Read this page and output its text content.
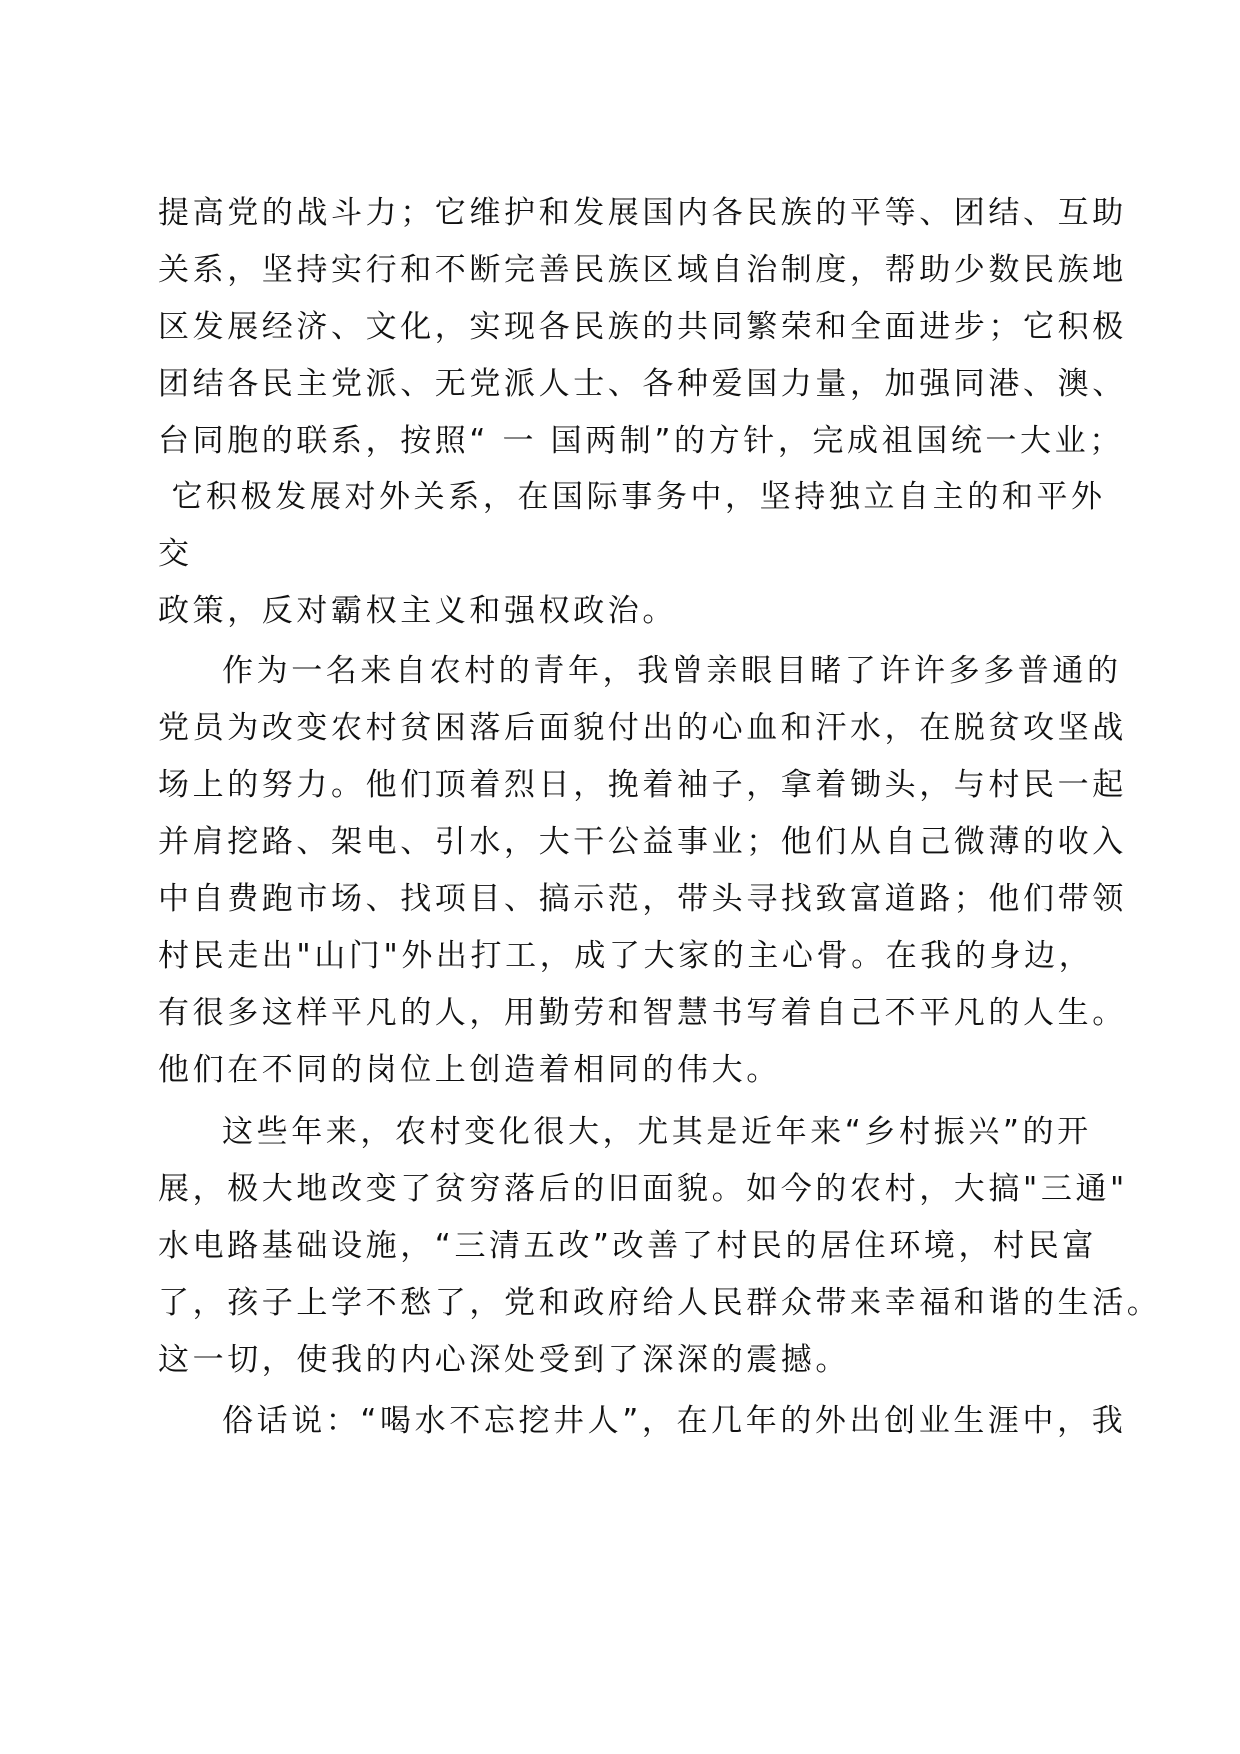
提高党的战斗力；它维护和发展国内各民族的平等、团结、互助
关系，坚持实行和不断完善民族区域自治制度，帮助少数民族地
区发展经济、文化，实现各民族的共同繁荣和全面进步；它积极
团结各民主党派、无党派人士、各种爱国力量，加强同港、澳、
台同胞的联系，按照“ 一 国两制”的方针，完成祖国统一大业；
它积极发展对外关系，在国际事务中，坚持独立自主的和平外
交
政策，反对霸权主义和强权政治。
作为一名来自农村的青年，我曾亲眼目睹了许许多多普通的
党员为改变农村贫困落后面貌付出的心血和汗水，在脱贫攻坚战
场上的努力。他们顶着烈日，挽着袖子，拿着锄头，与村民一起
并肩挖路、架电、引水，大干公益事业；他们从自己微薄的收入
中自费跑市场、找项目、搞示范，带头寻找致富道路；他们带领
村民走出"山门"外出打工，成了大家的主心骨。在我的身边，
有很多这样平凡的人，用勤劳和智慧书写着自己不平凡的人生。
他们在不同的岗位上创造着相同的伟大。
这些年来，农村变化很大，尤其是近年来“乡村振兴”的开
展，极大地改变了贫穷落后的旧面貌。如今的农村，大搞"三通"
水电路基础设施，“三清五改”改善了村民的居住环境，村民富
了，孩子上学不愁了，党和政府给人民群众带来幸福和谐的生活。
这一切，使我的内心深处受到了深深的震撼。
俗话说：“喝水不忘挖井人”，在几年的外出创业生涯中，我
